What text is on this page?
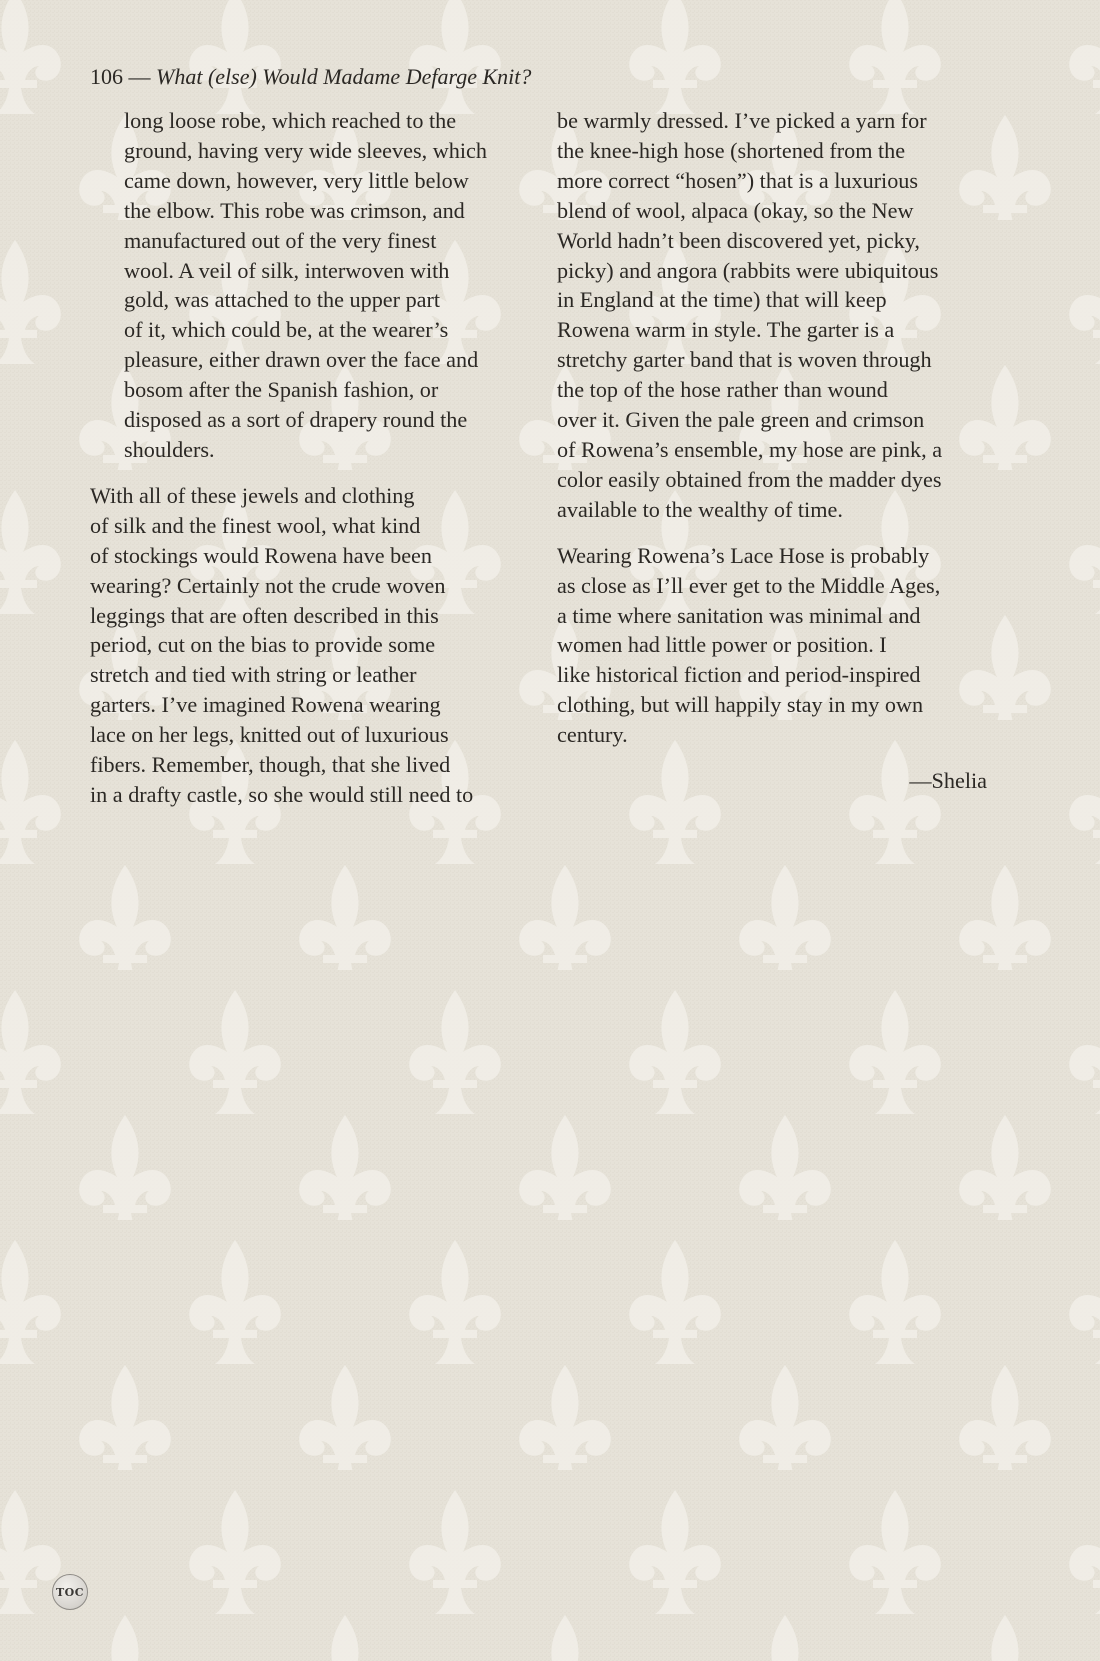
106 — What (else) Would Madame Defarge Knit?

long loose robe, which reached to the
ground, having very wide sleeves, which
came down, however, very little below
the elbow. This robe was crimson, and
manufactured out of the very finest
wool. A veil of silk, interwoven with
gold, was attached to the upper part
of it, which could be, at the wearer’s
pleasure, either drawn over the face and
bosom after the Spanish fashion, or
disposed as a sort of drapery round the
shoulders.

With all of these jewels and clothing
of silk and the finest wool, what kind
of stockings would Rowena have been
wearing? Certainly not the crude woven
leggings that are often described in this
period, cut on the bias to provide some
stretch and tied with string or leather
garters. I’ve imagined Rowena wearing
lace on her legs, knitted out of luxurious
fibers. Remember, though, that she lived
in a drafty castle, so she would still need to

be warmly dressed. I’ve picked a yarn for
the knee-high hose (shortened from the
more correct “hosen”) that is a luxurious
blend of wool, alpaca (okay, so the New
World hadn’t been discovered yet, picky,
picky) and angora (rabbits were ubiquitous
in England at the time) that will keep
Rowena warm in style. The garter is a
stretchy garter band that is woven through
the top of the hose rather than wound
over it. Given the pale green and crimson
of Rowena’s ensemble, my hose are pink, a
color easily obtained from the madder dyes
available to the wealthy of time.

Wearing Rowena’s Lace Hose is probably
as close as I’ll ever get to the Middle Ages,
a time where sanitation was minimal and
women had little power or position. I
like historical fiction and period-inspired
clothing, but will happily stay in my own
century.

—Shelia

TOC
